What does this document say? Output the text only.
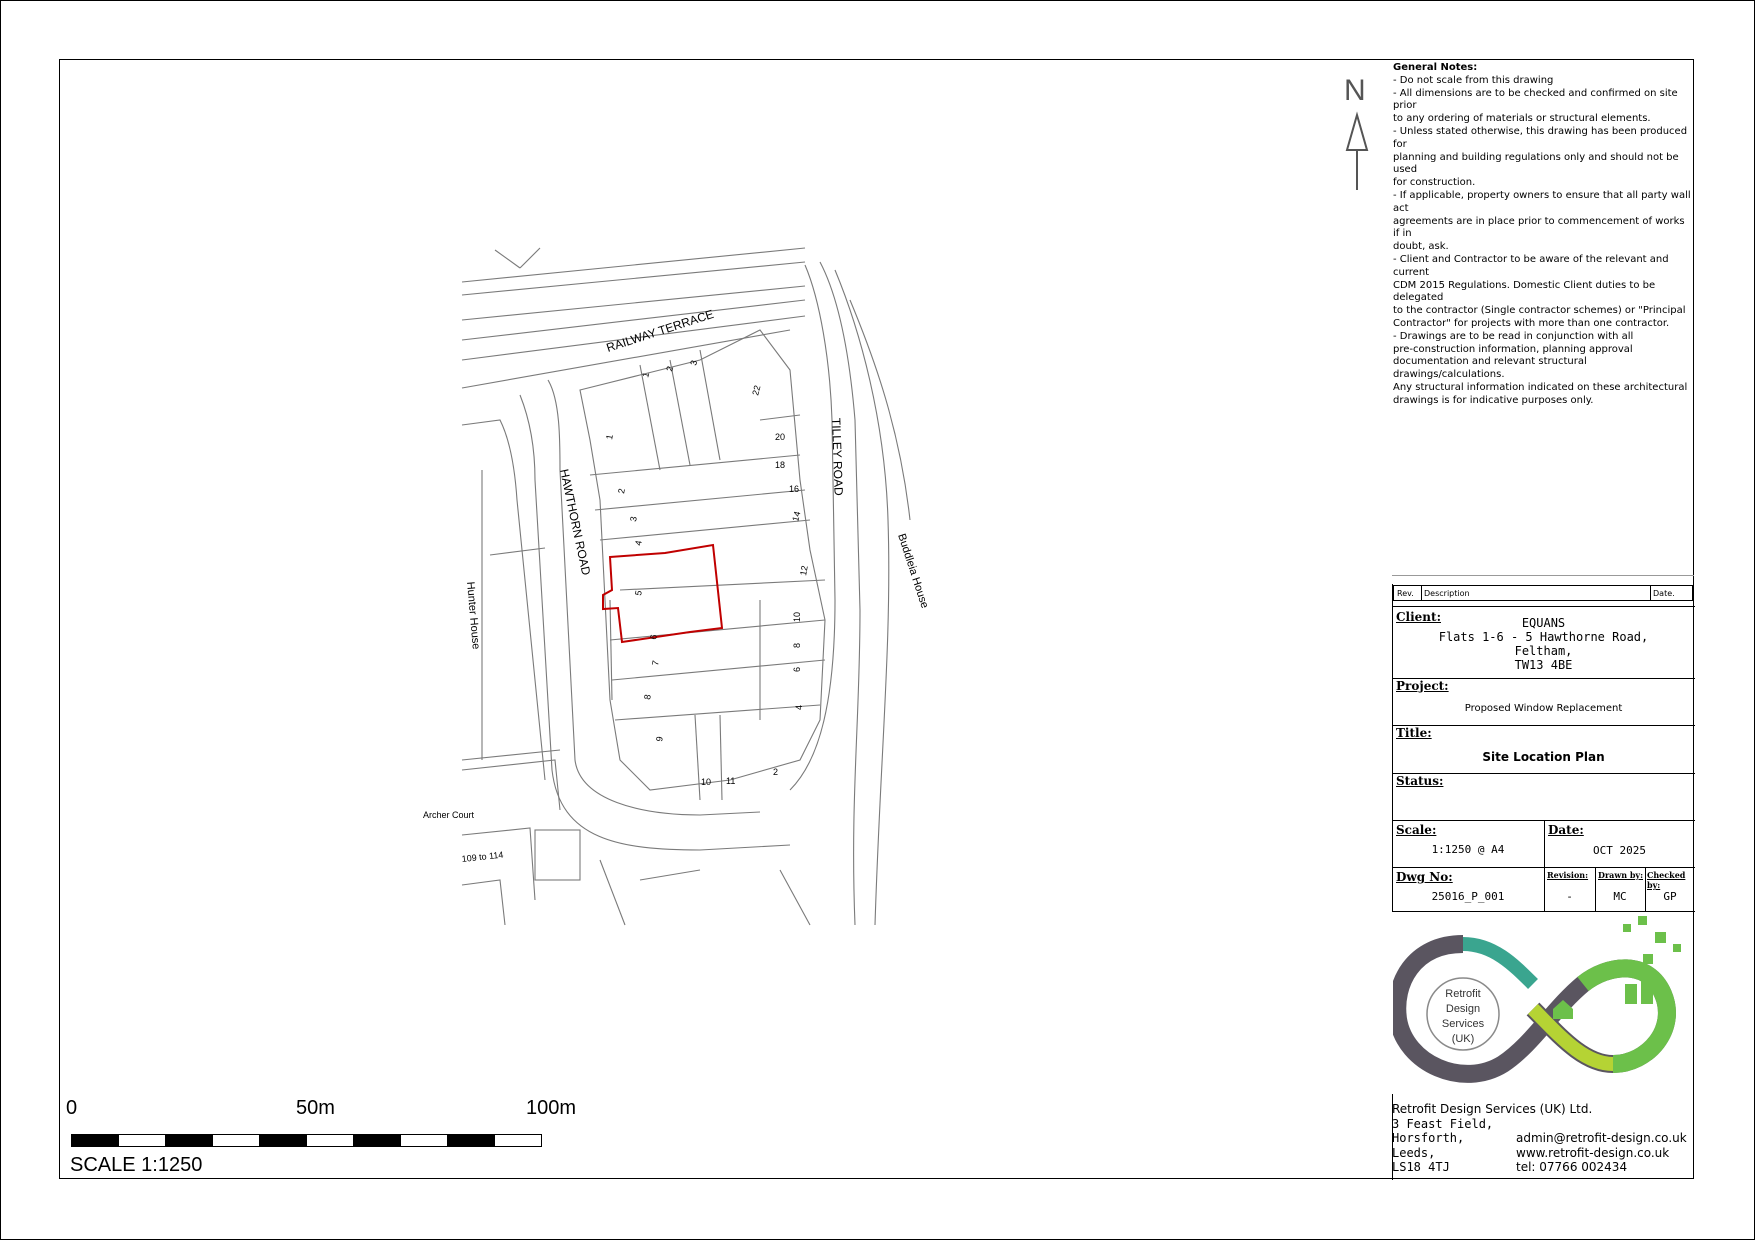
N
RAILWAY TERRACE
HAWTHORN ROAD
TILLEY ROAD
Hunter House
Buddleia House
Archer Court
109 to 114
1
2
3
22
20
18
16
14
12
10
8
6
4
2
11
10
9
8
7
6
5
4
3
2
1
General Notes:
- Do not scale from this drawing
- All dimensions are to be checked and confirmed on site prior
to any ordering of materials or structural elements.
- Unless stated otherwise, this drawing has been produced for
planning and building regulations only and should not be used
for construction.
- If applicable, property owners to ensure that all party wall act
agreements are in place prior to commencement of works if in
doubt, ask.
- Client and Contractor to be aware of the relevant and current
CDM 2015 Regulations. Domestic Client duties to be delegated
to the contractor (Single contractor schemes) or "Principal
Contractor" for projects with more than one contractor.
- Drawings are to be read in conjunction with all
pre-construction information, planning approval
documentation and relevant structural drawings/calculations.
Any structural information indicated on these architectural
drawings is for indicative purposes only.
Rev. Description	Date.
Client:	EQUANS
Flats 1-6 - 5 Hawthorne Road,
Feltham,
TW13 4BE
Project:
Proposed Window Replacement
Title:
Site Location Plan
Status:
Scale:
1:1250 @ A4
Date:
OCT 2025
Dwg No:
25016_P_001
Revision:
-
Drawn by:
MC
Checked by:
GP
Retrofit
Design
Services
(UK)
Retrofit Design Services (UK) Ltd.
3 Feast Field,
Horsforth,
Leeds,
LS18 4TJ
admin@retrofit-design.co.uk
www.retrofit-design.co.uk
tel: 07766 002434
0	50m	100m
SCALE 1:1250
